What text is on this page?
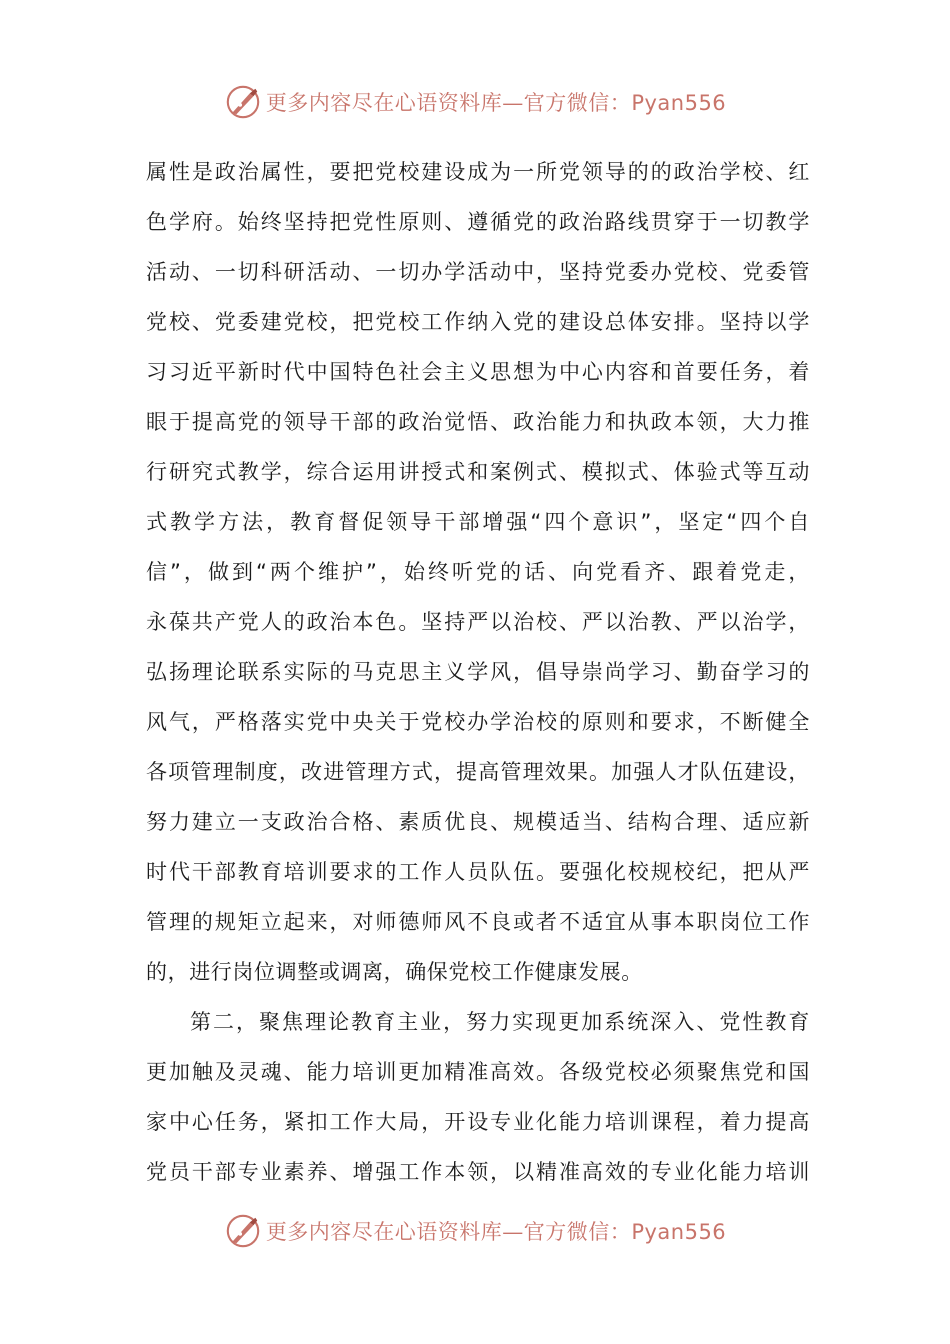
更多内容尽在心语资料库—官方微信：Pyan556
属性是政治属性，要把党校建设成为一所党领导的的政治学校、红
色学府。始终坚持把党性原则、遵循党的政治路线贯穿于一切教学
活动、一切科研活动、一切办学活动中，坚持党委办党校、党委管
党校、党委建党校，把党校工作纳入党的建设总体安排。坚持以学
习习近平新时代中国特色社会主义思想为中心内容和首要任务，着
眼于提高党的领导干部的政治觉悟、政治能力和执政本领，大力推
行研究式教学，综合运用讲授式和案例式、模拟式、体验式等互动
式教学方法，教育督促领导干部增强“四个意识”，坚定“四个自
信”，做到“两个维护”，始终听党的话、向党看齐、跟着党走，
永葆共产党人的政治本色。坚持严以治校、严以治教、严以治学，
弘扬理论联系实际的马克思主义学风，倡导崇尚学习、勤奋学习的
风气，严格落实党中央关于党校办学治校的原则和要求，不断健全
各项管理制度，改进管理方式，提高管理效果。加强人才队伍建设，
努力建立一支政治合格、素质优良、规模适当、结构合理、适应新
时代干部教育培训要求的工作人员队伍。要强化校规校纪，把从严
管理的规矩立起来，对师德师风不良或者不适宜从事本职岗位工作
的，进行岗位调整或调离，确保党校工作健康发展。
第二，聚焦理论教育主业，努力实现更加系统深入、党性教育
更加触及灵魂、能力培训更加精准高效。各级党校必须聚焦党和国
家中心任务，紧扣工作大局，开设专业化能力培训课程，着力提高
党员干部专业素养、增强工作本领，以精准高效的专业化能力培训
更多内容尽在心语资料库—官方微信：Pyan556
